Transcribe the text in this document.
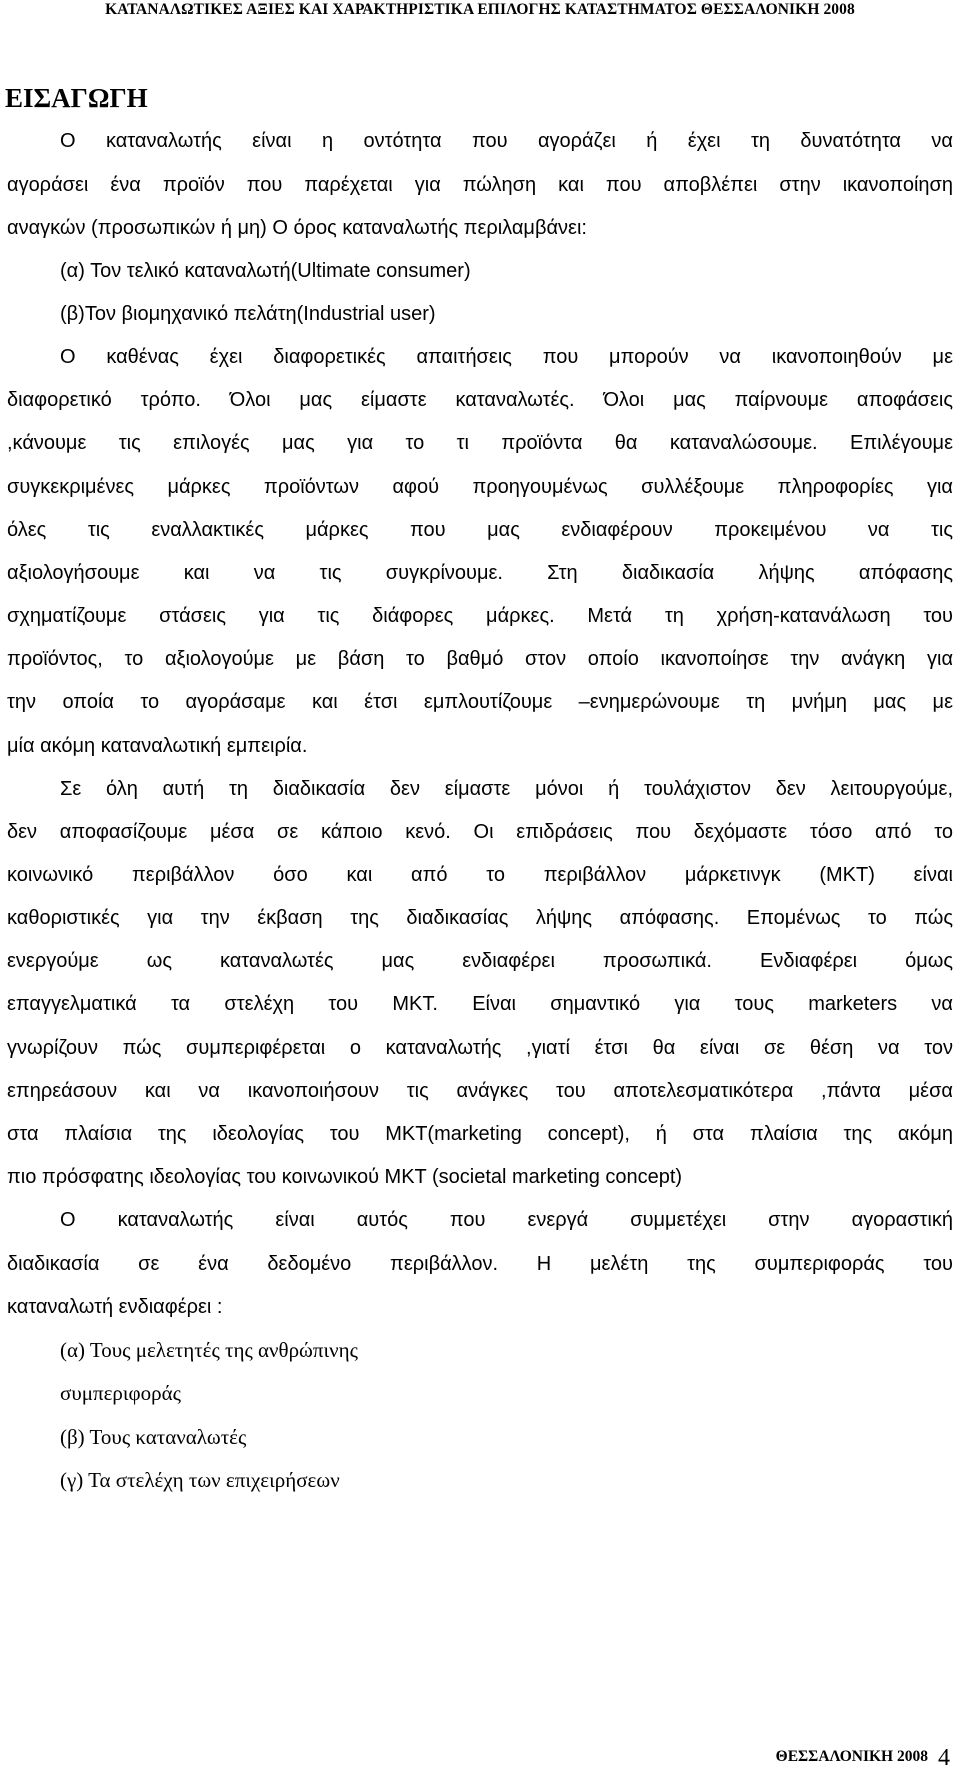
ΚΑΤΑΝΑΛΩΤΙΚΕΣ ΑΞΙΕΣ ΚΑΙ ΧΑΡΑΚΤΗΡΙΣΤΙΚΑ ΕΠΙΛΟΓΗΣ ΚΑΤΑΣΤΗΜΑΤΟΣ ΘΕΣΣΑΛΟΝΙΚΗ 2008
ΕΙΣΑΓΩΓΗ
Ο καταναλωτής είναι η οντότητα που αγοράζει ή έχει τη δυνατότητα να
αγοράσει ένα προϊόν που παρέχεται για πώληση και που αποβλέπει στην ικανοποίηση
αναγκών (προσωπικών ή μη) Ο όρος καταναλωτής περιλαμβάνει:
(α) Τον τελικό καταναλωτή(Ultimate consumer)
(β)Τον βιομηχανικό πελάτη(Industrial user)
Ο καθένας έχει διαφορετικές απαιτήσεις που μπορούν να ικανοποιηθούν με
διαφορετικό τρόπο. Όλοι μας είμαστε καταναλωτές. Όλοι μας παίρνουμε αποφάσεις
,κάνουμε τις επιλογές μας για το τι προϊόντα θα καταναλώσουμε. Επιλέγουμε
συγκεκριμένες μάρκες προϊόντων αφού προηγουμένως συλλέξουμε πληροφορίες για
όλες τις εναλλακτικές μάρκες που μας ενδιαφέρουν προκειμένου να τις
αξιολογήσουμε και να τις συγκρίνουμε. Στη διαδικασία λήψης απόφασης
σχηματίζουμε στάσεις για τις διάφορες μάρκες. Μετά τη χρήση-κατανάλωση του
προϊόντος, το αξιολογούμε με βάση το βαθμό στον οποίο ικανοποίησε την ανάγκη για
την οποία το αγοράσαμε και έτσι εμπλουτίζουμε –ενημερώνουμε τη μνήμη μας με
μία ακόμη καταναλωτική εμπειρία.
Σε όλη αυτή τη διαδικασία δεν είμαστε μόνοι ή τουλάχιστον δεν λειτουργούμε,
δεν αποφασίζουμε μέσα σε κάποιο κενό. Οι επιδράσεις που δεχόμαστε τόσο από το
κοινωνικό περιβάλλον όσο και από το περιβάλλον μάρκετινγκ (ΜΚΤ) είναι
καθοριστικές για την έκβαση της διαδικασίας λήψης απόφασης. Επομένως το πώς
ενεργούμε ως καταναλωτές μας ενδιαφέρει προσωπικά. Ενδιαφέρει όμως
επαγγελματικά τα στελέχη του ΜΚΤ. Είναι σημαντικό για τους marketers να
γνωρίζουν πώς συμπεριφέρεται ο καταναλωτής ,γιατί έτσι θα είναι σε θέση να τον
επηρεάσουν και να ικανοποιήσουν τις ανάγκες του αποτελεσματικότερα ,πάντα μέσα
στα πλαίσια της ιδεολογίας του ΜΚΤ(marketing concept), ή στα πλαίσια της ακόμη
πιο πρόσφατης ιδεολογίας του κοινωνικού ΜΚΤ (societal marketing concept)
Ο καταναλωτής είναι αυτός που ενεργά συμμετέχει στην αγοραστική
διαδικασία σε ένα δεδομένο περιβάλλον. Η μελέτη της συμπεριφοράς του
καταναλωτή ενδιαφέρει :
(α) Τους μελετητές της ανθρώπινης
συμπεριφοράς
(β) Τους καταναλωτές
(γ) Τα στελέχη των επιχειρήσεων
ΘΕΣΣΑΛΟΝΙΚΗ 2008 4
